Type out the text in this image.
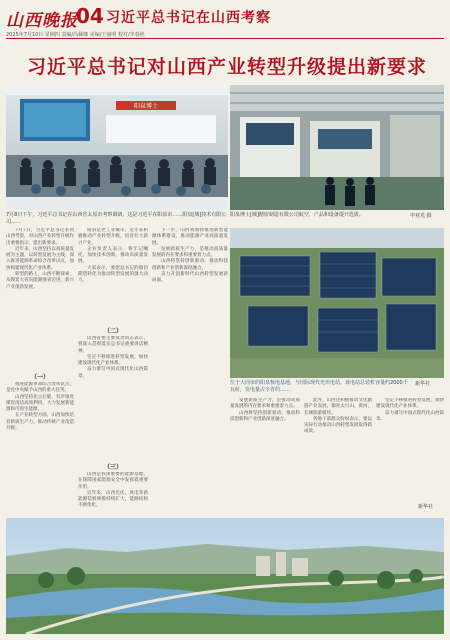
山西晚报
04 习近平总书记在山西考察
2025年7月10日 星期四 责编/冯佩娜 美编/王丽明 校对/李春艳
习近平总书记对山西产业转型升级提出新要求
阳泉博士
7月8日下午，习近平总书记在山西省太原市考察调研。这是习近平在阳泉市……阳泉[城]技术有限公司……
阳泉博士[城]精密制造有限公司航空，产品和设备提升选拔。	申亚光 摄

7月7日，习近平总书记来到山西考察，对山西产业转型升级作出重要指示，提出新要求。

近年来，山西坚持以高质量发展为主题，以转型发展为主线，深入推进能源革命综合改革试点，加快构建现代化产业体系。

转型的路上，山西不断探索，从煤炭大省向能源强省迈进，新兴产业蓬勃发展。

（一）

推进能源革命综合改革试点，是党中央赋予山西的重大任务。

山西坚持先立后破，有序推进煤炭清洁高效利用，大力发展新能源和可再生能源。

在产业转型方面，山西加快培育新质生产力，推动传统产业改造升级。

阳泉是老工业城市，近年来积极推动产业转型升级，培育壮大新兴产业。

企业负责人表示，将牢记嘱托，加快技术创新，推动高质量发展。

大家表示，要把总书记的殷切期望转化为推动转型发展的强大动力。

（二）

山西省委主要负责同志表示，将深入贯彻落实总书记重要讲话精神。

坚定不移推进转型发展，加快建设现代化产业体系。

奋力谱写中国式现代化山西篇章。

（三）

山西是我国重要的能源基地，在保障国家能源安全中发挥着重要作用。

近年来，山西光伏、风电等新能源装机规模持续扩大，能源结构不断优化。

下一步，山西将加快推进新型能源体系建设，推动能源产业高质量发展。

发展新质生产力，是推动高质量发展的内在要求和重要着力点。

山西将坚持创新驱动，推动科技创新和产业创新深度融合。

奋力开创新时代山西转型发展新局面。

位于大同市的阳泉核电基地，与国际现代光伏电站。该电站总装机容量约2000千瓦时，发电量占全省的……
新华社

发展新质生产力，是推动高质量发展的内在要求和重要着力点。

山西将坚持创新驱动，推动科技创新和产业创新深度融合。

此外，山西还积极推动文化旅游产业发展，擦亮太行山、黄河、长城旅游板块。

各地干部群众纷纷表示，要以实际行动推动山西转型发展取得新成效。

坚定不移推进转型发展，加快建设现代化产业体系。

奋力谱写中国式现代化山西篇章。

新华社
